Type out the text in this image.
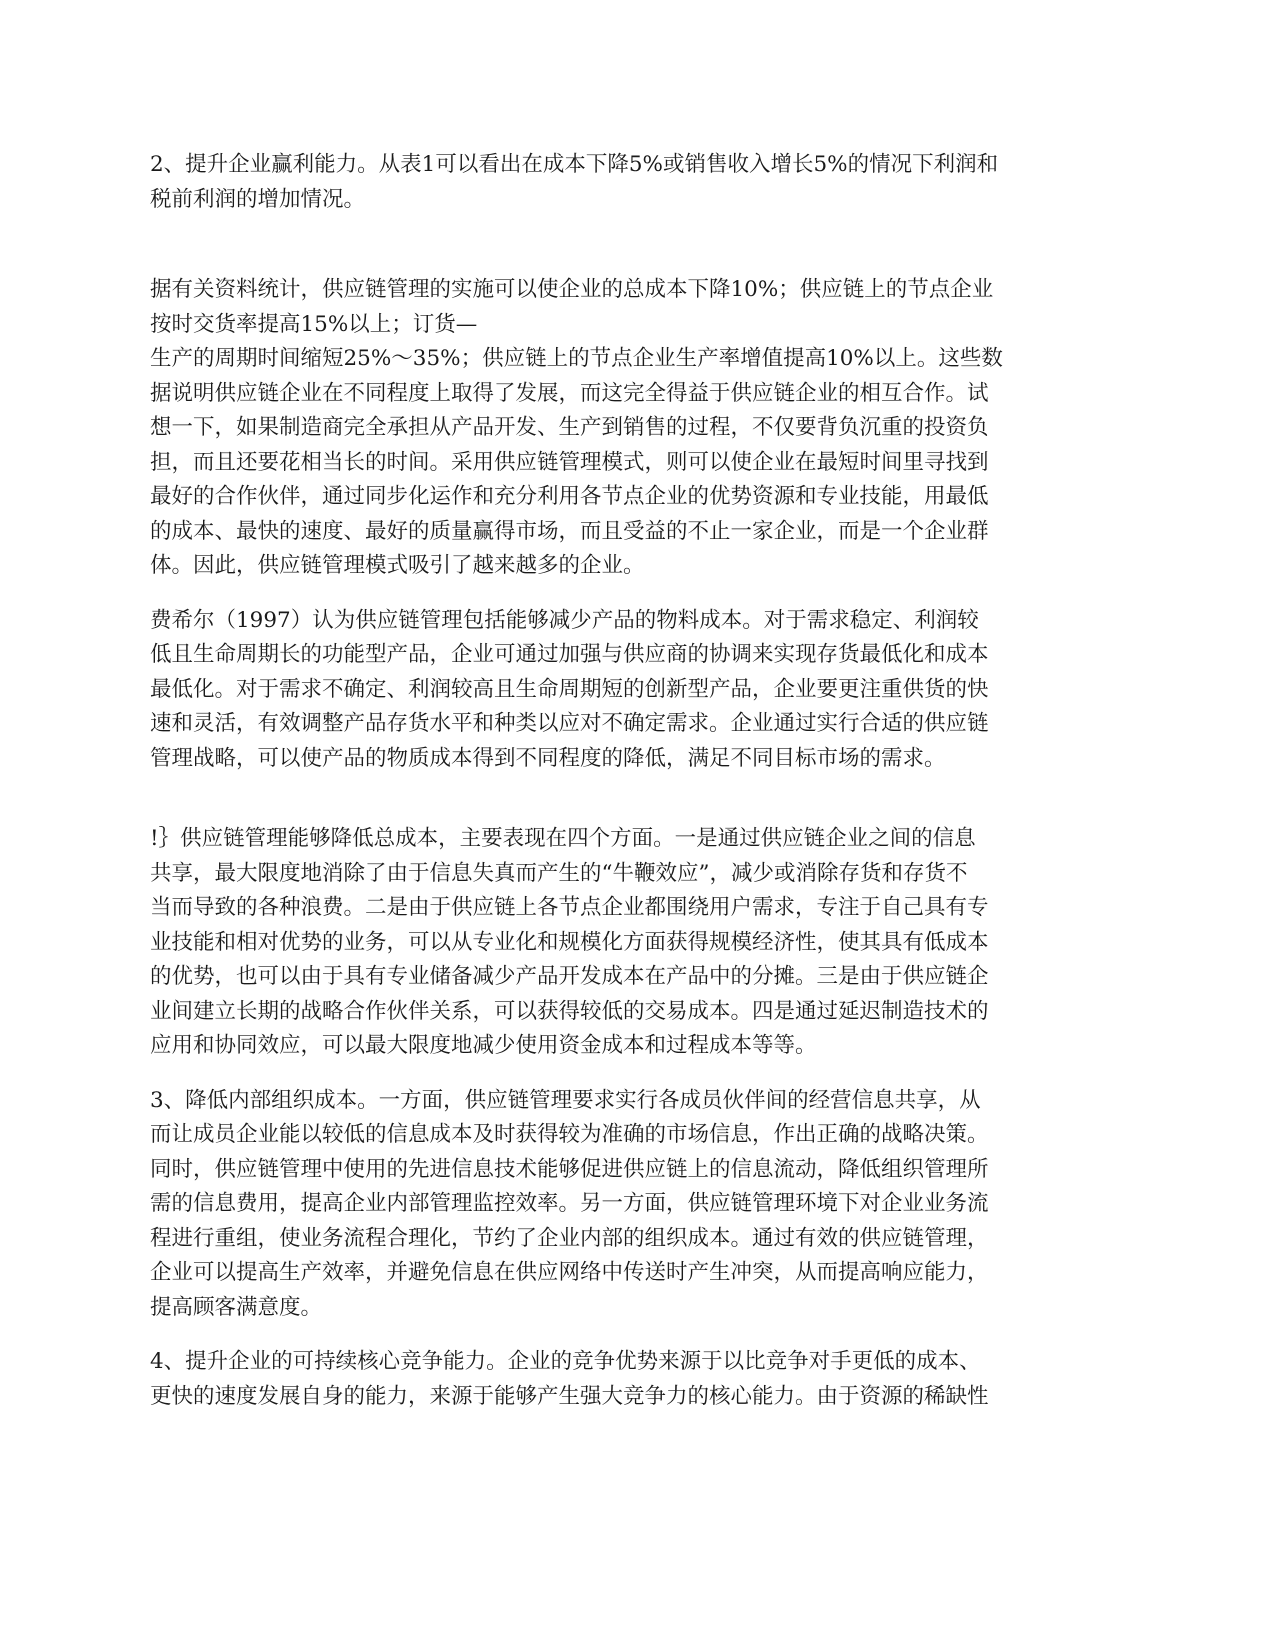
2、提升企业赢利能力。从表1可以看出在成本下降5%或销售收入增长5%的情况下利润和
税前利润的增加情况。

据有关资料统计，供应链管理的实施可以使企业的总成本下降10%；供应链上的节点企业
按时交货率提高15%以上；订货—
生产的周期时间缩短25%～35%；供应链上的节点企业生产率增值提高10%以上。这些数
据说明供应链企业在不同程度上取得了发展，而这完全得益于供应链企业的相互合作。试
想一下，如果制造商完全承担从产品开发、生产到销售的过程，不仅要背负沉重的投资负
担，而且还要花相当长的时间。采用供应链管理模式，则可以使企业在最短时间里寻找到
最好的合作伙伴，通过同步化运作和充分利用各节点企业的优势资源和专业技能，用最低
的成本、最快的速度、最好的质量赢得市场，而且受益的不止一家企业，而是一个企业群
体。因此，供应链管理模式吸引了越来越多的企业。

费希尔（1997）认为供应链管理包括能够减少产品的物料成本。对于需求稳定、利润较
低且生命周期长的功能型产品，企业可通过加强与供应商的协调来实现存货最低化和成本
最低化。对于需求不确定、利润较高且生命周期短的创新型产品，企业要更注重供货的快
速和灵活，有效调整产品存货水平和种类以应对不确定需求。企业通过实行合适的供应链
管理战略，可以使产品的物质成本得到不同程度的降低，满足不同目标市场的需求。

!｝供应链管理能够降低总成本，主要表现在四个方面。一是通过供应链企业之间的信息
共享，最大限度地消除了由于信息失真而产生的“牛鞭效应”，减少或消除存货和存货不
当而导致的各种浪费。二是由于供应链上各节点企业都围绕用户需求，专注于自己具有专
业技能和相对优势的业务，可以从专业化和规模化方面获得规模经济性，使其具有低成本
的优势，也可以由于具有专业储备减少产品开发成本在产品中的分摊。三是由于供应链企
业间建立长期的战略合作伙伴关系，可以获得较低的交易成本。四是通过延迟制造技术的
应用和协同效应，可以最大限度地减少使用资金成本和过程成本等等。

3、降低内部组织成本。一方面，供应链管理要求实行各成员伙伴间的经营信息共享，从
而让成员企业能以较低的信息成本及时获得较为准确的市场信息，作出正确的战略决策。
同时，供应链管理中使用的先进信息技术能够促进供应链上的信息流动，降低组织管理所
需的信息费用，提高企业内部管理监控效率。另一方面，供应链管理环境下对企业业务流
程进行重组，使业务流程合理化，节约了企业内部的组织成本。通过有效的供应链管理，
企业可以提高生产效率，并避免信息在供应网络中传送时产生冲突，从而提高响应能力，
提高顾客满意度。

4、提升企业的可持续核心竞争能力。企业的竞争优势来源于以比竞争对手更低的成本、
更快的速度发展自身的能力，来源于能够产生强大竞争力的核心能力。由于资源的稀缺性
